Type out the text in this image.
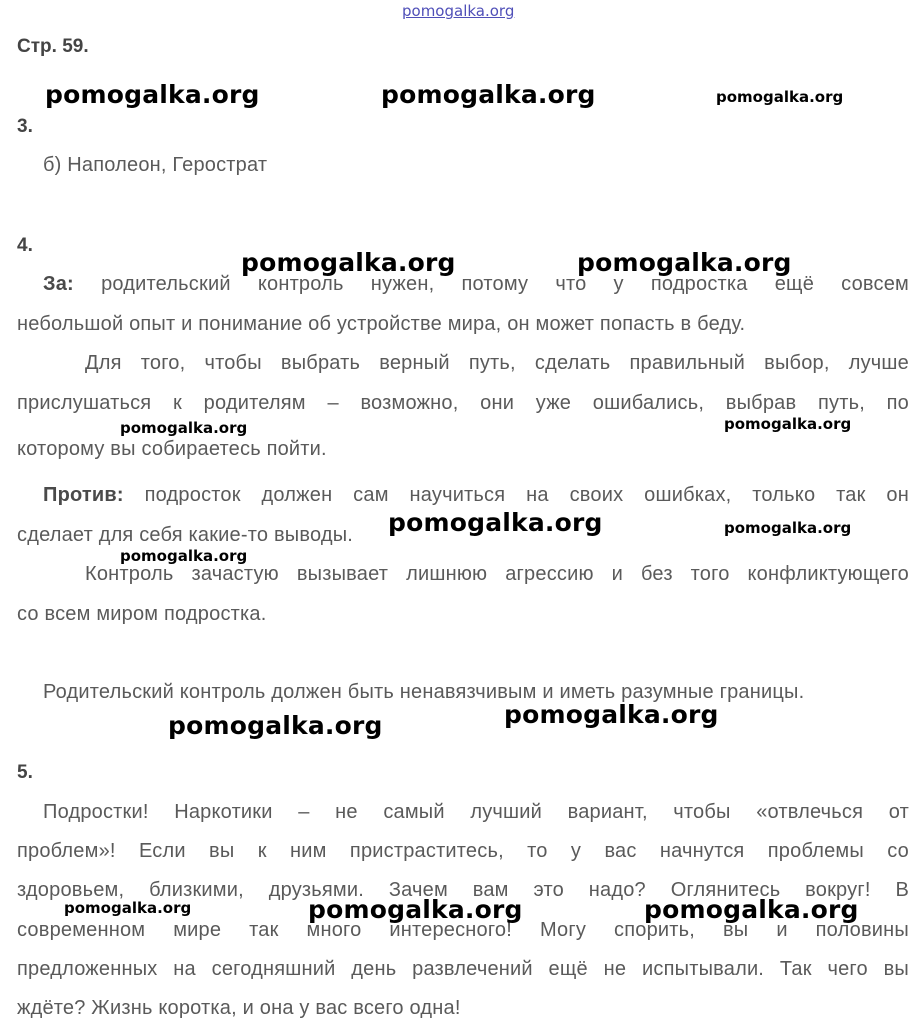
pomogalka.org
Стр. 59.
3.
б) Наполеон, Герострат
4.
За: родительский контроль нужен, потому что у подростка ещё совсем
небольшой опыт и понимание об устройстве мира, он может попасть в беду.
Для того, чтобы выбрать верный путь, сделать правильный выбор, лучше
прислушаться к родителям – возможно, они уже ошибались, выбрав путь, по
которому вы собираетесь пойти.
Против: подросток должен сам научиться на своих ошибках, только так он
сделает для себя какие-то выводы.
Контроль зачастую вызывает лишнюю агрессию и без того конфликтующего
со всем миром подростка.
Родительский контроль должен быть ненавязчивым и иметь разумные границы.
5.
Подростки! Наркотики – не самый лучший вариант, чтобы «отвлечься от
проблем»! Если вы к ним пристраститесь, то у вас начнутся проблемы со
здоровьем, близкими, друзьями. Зачем вам это надо? Оглянитесь вокруг! В
современном мире так много интересного! Могу спорить, вы и половины
предложенных на сегодняшний день развлечений ещё не испытывали. Так чего вы
ждёте? Жизнь коротка, и она у вас всего одна!
pomogalka.org	pomogalka.org	pomogalka.org
pomogalka.org	pomogalka.org
pomogalka.org	pomogalka.org
pomogalka.org	pomogalka.org
pomogalka.org
pomogalka.org
pomogalka.org
pomogalka.org	pomogalka.org	pomogalka.org
